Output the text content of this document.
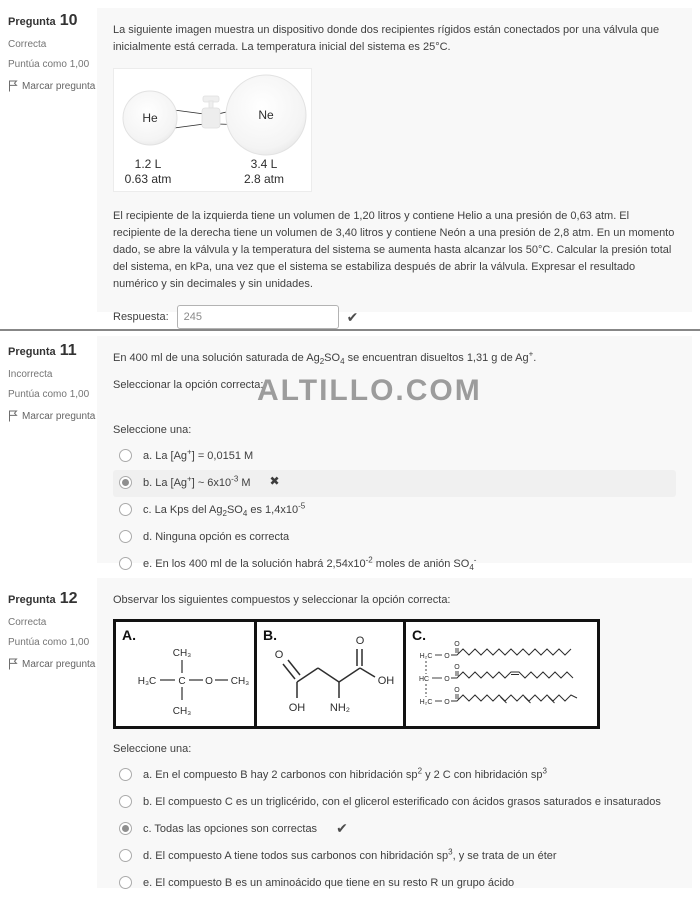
Pregunta 10
Correcta
Puntúa como 1,00
Marcar pregunta

La siguiente imagen muestra un dispositivo donde dos recipientes rígidos están conectados por una válvula que inicialmente está cerrada. La temperatura inicial del sistema es 25°C.

He	Ne
1.2 L
0.63 atm
3.4 L
2.8 atm

El recipiente de la izquierda tiene un volumen de 1,20 litros y contiene Helio a una presión de 0,63 atm. El recipiente de la derecha tiene un volumen de 3,40 litros y contiene Neón a una presión de 2,8 atm. En un momento dado, se abre la válvula y la temperatura del sistema se aumenta hasta alcanzar los 50°C. Calcular la presión total del sistema, en kPa, una vez que el sistema se estabiliza después de abrir la válvula. Expresar el resultado numérico y sin decimales y sin unidades.

Respuesta:
245	✔
Pregunta 11
Incorrecta
Puntúa como 1,00
Marcar pregunta
ALTILLO.COM

En 400 ml de una solución saturada de $Ag_2SO_4$ se encuentran disueltos 1,31 g de Ag+.

Seleccionar la opción correcta:

Seleccione una:
a. La [Ag+] = 0,0151 M
b. La [Ag+] ~ $6x10^{-3}$ M ✖
c. La Kps del $Ag_2SO_4$ es $1,4x10^{-5}$
d. Ninguna opción es correcta
e. En los 400 ml de la solución habrá $2,54x10^{-2}$ moles de anión $SO_4^-$
Pregunta 12
Correcta
Puntúa como 1,00
Marcar pregunta

Observar los siguientes compuestos y seleccionar la opción correcta:

A.
CH₃
H₃C C O CH₃
CH₃
B.
O
OH NH₂
O
OH
C.
H₂C
HC
H₂C
O
O
O
O
O
O
Seleccione una:
a. En el compuesto B hay 2 carbonos con hibridación $sp^2$ y 2 C con hibridación $sp^3$
b. El compuesto C es un triglicérido, con el glicerol esterificado con ácidos grasos saturados e insaturados
c. Todas las opciones son correctas ✔
d. El compuesto A tiene todos sus carbonos con hibridación $sp^3$, y se trata de un éter
e. El compuesto B es un aminoácido que tiene en su resto R un grupo ácido
